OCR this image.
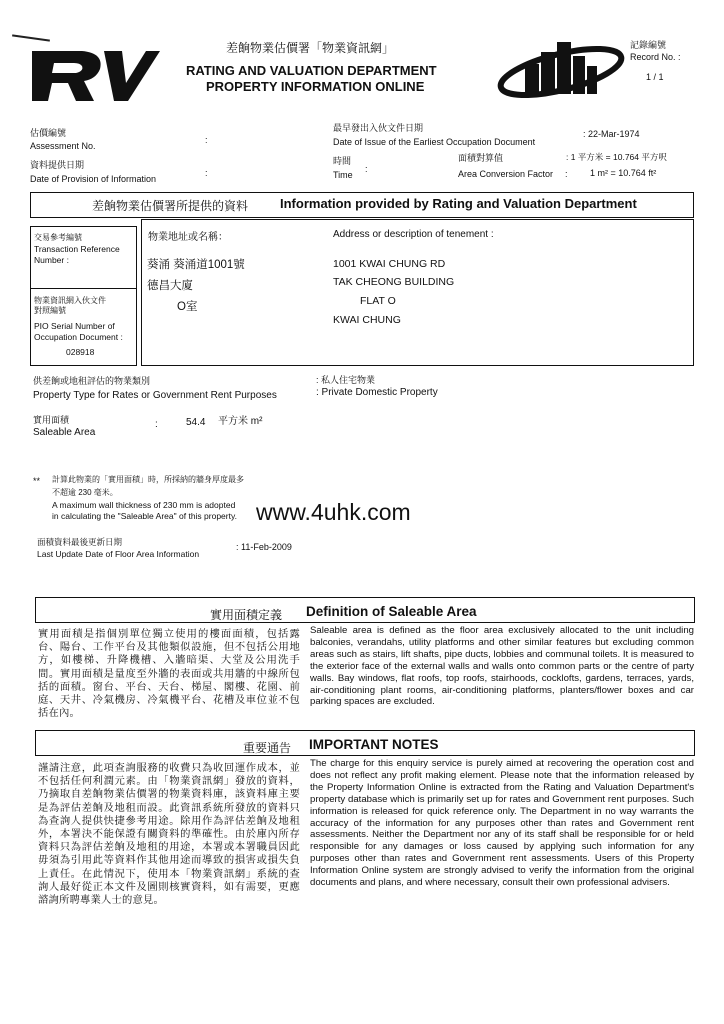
差餉物業估價署「物業資訊網」
RATING AND VALUATION DEPARTMENT
PROPERTY INFORMATION ONLINE
記錄編號
Record No. :
1 / 1
估價編號
Assessment No.
:
資料提供日期
Date of Provision of Information
:
最早發出入伙文件日期
Date of Issue of the Earliest Occupation Document
: 22-Mar-1974
時間
Time
:
面積對算值
Area Conversion Factor :
: 1 平方米 = 10.764 平方呎
1 m² = 10.764 ft²
差餉物業估價署所提供的資料 Information provided by Rating and Valuation Department
交易參考編號
Transaction Reference
Number :
物業資訊網入伙文件
對照編號
PIO Serial Number of
Occupation Document :
028918
物業地址或名稱：	Address or description of tenement :
葵涌 葵涌道1001號
德昌大廈
O室
1001 KWAI CHUNG RD
TAK CHEONG BUILDING
FLAT O
KWAI CHUNG
供差餉或地租評估的物業類別
Property Type for Rates or Government Rent Purposes
: 私人住宅物業
: Private Domestic Property
實用面積
Saleable Area
:	54.4 平方米 m²
** 計算此物業的「實用面積」時，所採納的牆身厚度最多
不超逾 230 毫米。
A maximum wall thickness of 230 mm is adopted
in calculating the "Saleable Area" of this property. www.4uhk.com
面積資料最後更新日期
Last Update Date of Floor Area Information
: 11-Feb-2009
實用面積定義 Definition of Saleable Area
實用面積是指個別單位獨立使用的樓面面積，包括露台、陽台、工作平台及其他類似設施，但不包括公用地方，如樓梯、升降機槽、入牆暗渠、大堂及公用洗手間。實用面積是量度至外牆的表面或共用牆的中線所包括的面積。窗台、平台、天台、梯屋、閣樓、花園、前庭、天井、冷氣機房、冷氣機平台、花槽及車位並不包括在內。
Saleable area is defined as the floor area exclusively allocated to the unit including balconies, verandahs, utility platforms and other similar features but excluding common areas such as stairs, lift shafts, pipe ducts, lobbies and communal toilets. It is measured to the exterior face of the external walls and walls onto common parts or the centre of party walls. Bay windows, flat roofs, top roofs, stairhoods, cocklofts, gardens, terraces, yards, air-conditioning plant rooms, air-conditioning platforms, planters/flower boxes and car parking spaces are excluded.
重要通告 IMPORTANT NOTES
謹請注意，此項查詢服務的收費只為收回運作成本，並不包括任何利潤元素。由「物業資訊網」發放的資料，乃摘取自差餉物業估價署的物業資料庫，該資料庫主要是為評估差餉及地租而設。此資訊系統所發放的資料只為查詢人提供快捷參考用途。除用作為評估差餉及地租外，本署決不能保證有關資料的準確性。由於庫內所存資料只為評估差餉及地租的用途，本署或本署職員因此毋須為引用此等資料作其他用途而導致的損害或損失負上責任。在此情況下，使用本「物業資訊網」系統的查詢人最好從正本文件及圖則核實資料，如有需要，更應諮詢所聘專業人士的意見。
The charge for this enquiry service is purely aimed at recovering the operation cost and does not reflect any profit making element. Please note that the information released by the Property Information Online is extracted from the Rating and Valuation Department's property database which is primarily set up for rates and Government rent purposes. Such information is released for quick reference only. The Department in no way warrants the accuracy of the information for any purposes other than rates and Government rent assessments. Neither the Department nor any of its staff shall be responsible for or held responsible for any damages or loss caused by applying such information for any purposes other than rates and Government rent assessments. Users of this Property Information Online system are strongly advised to verify the information from the original documents and plans, and where necessary, consult their own professional advisers.
